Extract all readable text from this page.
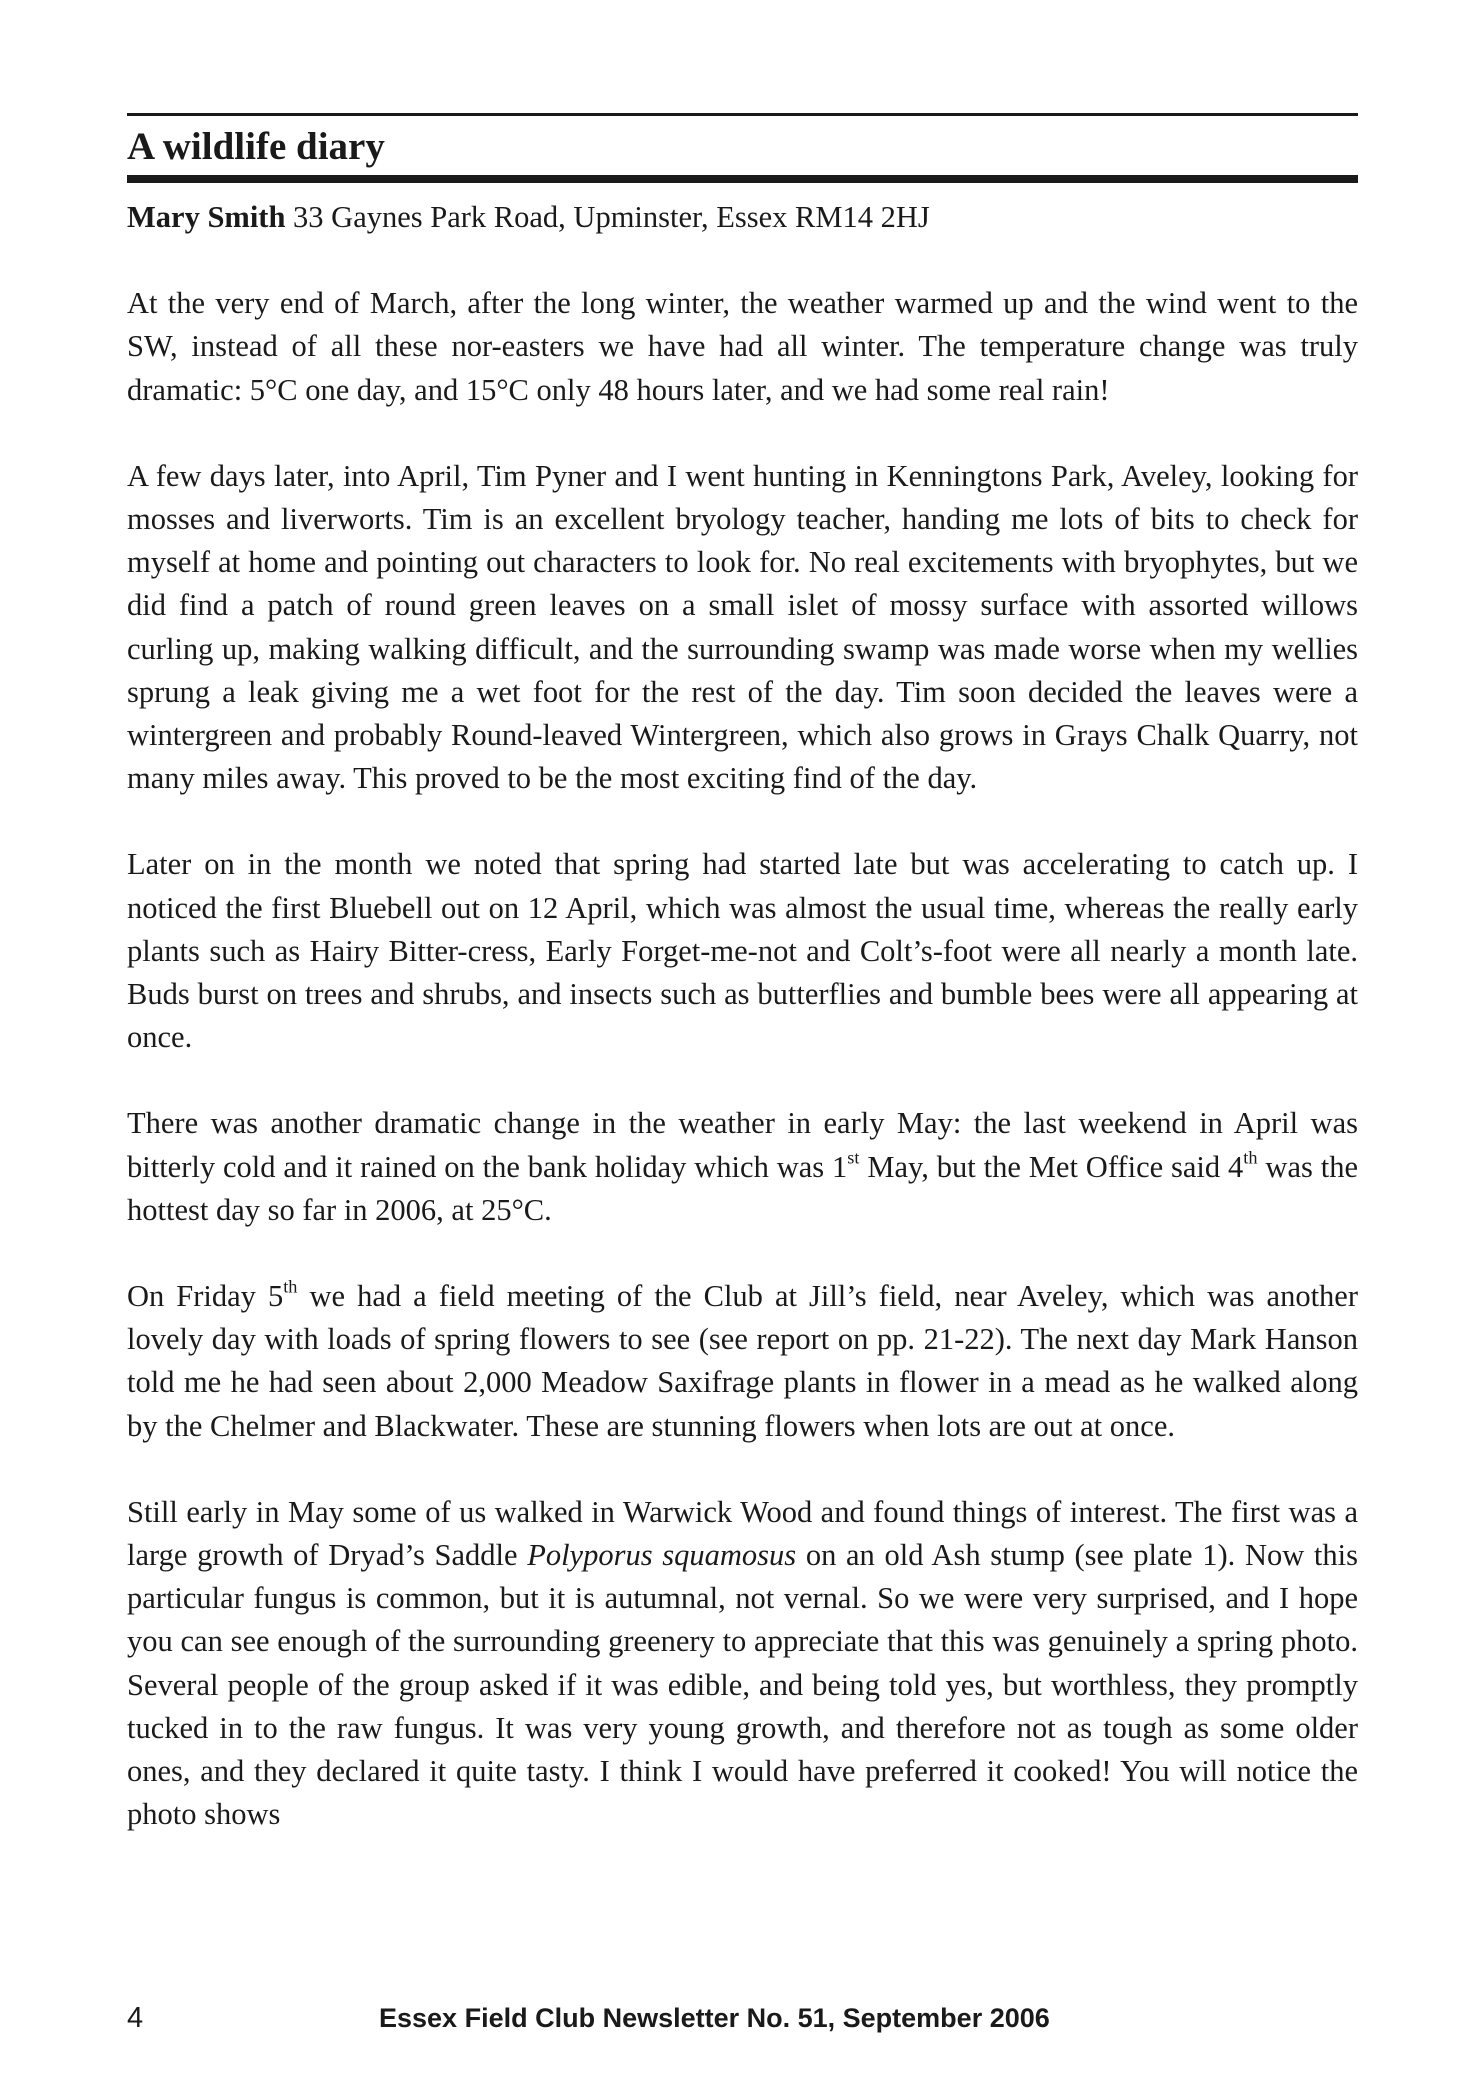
A wildlife diary

Mary Smith 33 Gaynes Park Road, Upminster, Essex RM14 2HJ

At the very end of March, after the long winter, the weather warmed up and the wind went to the SW, instead of all these nor-easters we have had all winter. The temperature change was truly dramatic: 5°C one day, and 15°C only 48 hours later, and we had some real rain!

A few days later, into April, Tim Pyner and I went hunting in Kenningtons Park, Aveley, looking for mosses and liverworts. Tim is an excellent bryology teacher, handing me lots of bits to check for myself at home and pointing out characters to look for. No real excitements with bryophytes, but we did find a patch of round green leaves on a small islet of mossy surface with assorted willows curling up, making walking difficult, and the surrounding swamp was made worse when my wellies sprung a leak giving me a wet foot for the rest of the day. Tim soon decided the leaves were a wintergreen and probably Round-leaved Wintergreen, which also grows in Grays Chalk Quarry, not many miles away. This proved to be the most exciting find of the day.

Later on in the month we noted that spring had started late but was accelerating to catch up. I noticed the first Bluebell out on 12 April, which was almost the usual time, whereas the really early plants such as Hairy Bitter-cress, Early Forget-me-not and Colt’s-foot were all nearly a month late. Buds burst on trees and shrubs, and insects such as butterflies and bumble bees were all appearing at once.

There was another dramatic change in the weather in early May: the last weekend in April was bitterly cold and it rained on the bank holiday which was 1st May, but the Met Office said 4th was the hottest day so far in 2006, at 25°C.

On Friday 5th we had a field meeting of the Club at Jill’s field, near Aveley, which was another lovely day with loads of spring flowers to see (see report on pp. 21-22). The next day Mark Hanson told me he had seen about 2,000 Meadow Saxifrage plants in flower in a mead as he walked along by the Chelmer and Blackwater. These are stunning flowers when lots are out at once.

Still early in May some of us walked in Warwick Wood and found things of interest. The first was a large growth of Dryad’s Saddle Polyporus squamosus on an old Ash stump (see plate 1). Now this particular fungus is common, but it is autumnal, not vernal. So we were very surprised, and I hope you can see enough of the surrounding greenery to appreciate that this was genuinely a spring photo. Several people of the group asked if it was edible, and being told yes, but worthless, they promptly tucked in to the raw fungus. It was very young growth, and therefore not as tough as some older ones, and they declared it quite tasty. I think I would have preferred it cooked! You will notice the photo shows

4	Essex Field Club Newsletter No. 51, September 2006
